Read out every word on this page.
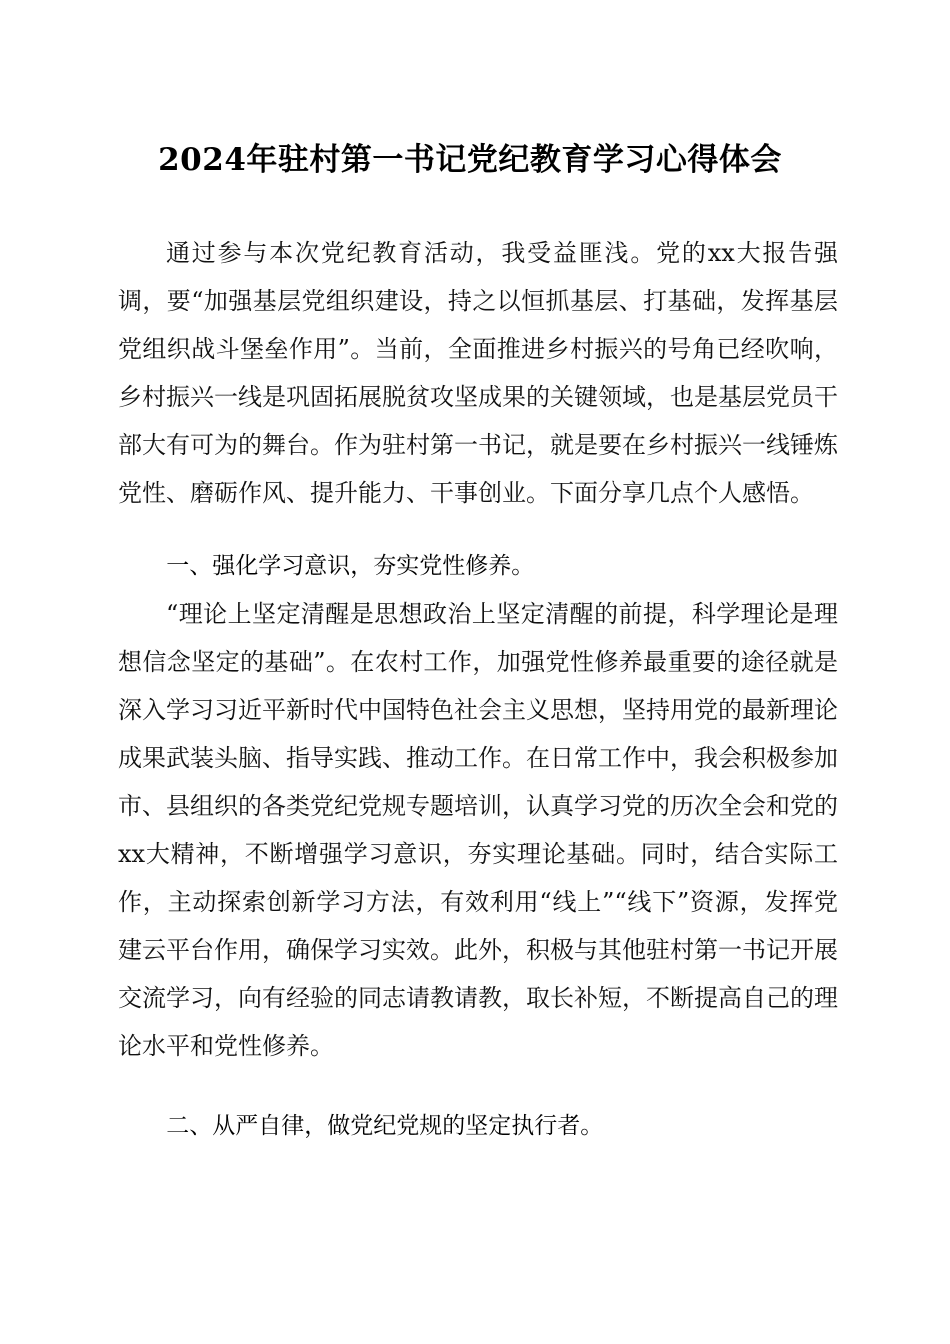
2024年驻村第一书记党纪教育学习心得体会

通过参与本次党纪教育活动，我受益匪浅。党的xx大报告强调，要“加强基层党组织建设，持之以恒抓基层、打基础，发挥基层党组织战斗堡垒作用”。当前，全面推进乡村振兴的号角已经吹响，乡村振兴一线是巩固拓展脱贫攻坚成果的关键领域，也是基层党员干部大有可为的舞台。作为驻村第一书记，就是要在乡村振兴一线锤炼党性、磨砺作风、提升能力、干事创业。下面分享几点个人感悟。

一、强化学习意识，夯实党性修养。

“理论上坚定清醒是思想政治上坚定清醒的前提，科学理论是理想信念坚定的基础”。在农村工作，加强党性修养最重要的途径就是深入学习习近平新时代中国特色社会主义思想，坚持用党的最新理论成果武装头脑、指导实践、推动工作。在日常工作中，我会积极参加市、县组织的各类党纪党规专题培训，认真学习党的历次全会和党的xx大精神，不断增强学习意识，夯实理论基础。同时，结合实际工作，主动探索创新学习方法，有效利用“线上”“线下”资源，发挥党建云平台作用，确保学习实效。此外，积极与其他驻村第一书记开展交流学习，向有经验的同志请教请教，取长补短，不断提高自己的理论水平和党性修养。

二、从严自律，做党纪党规的坚定执行者。
